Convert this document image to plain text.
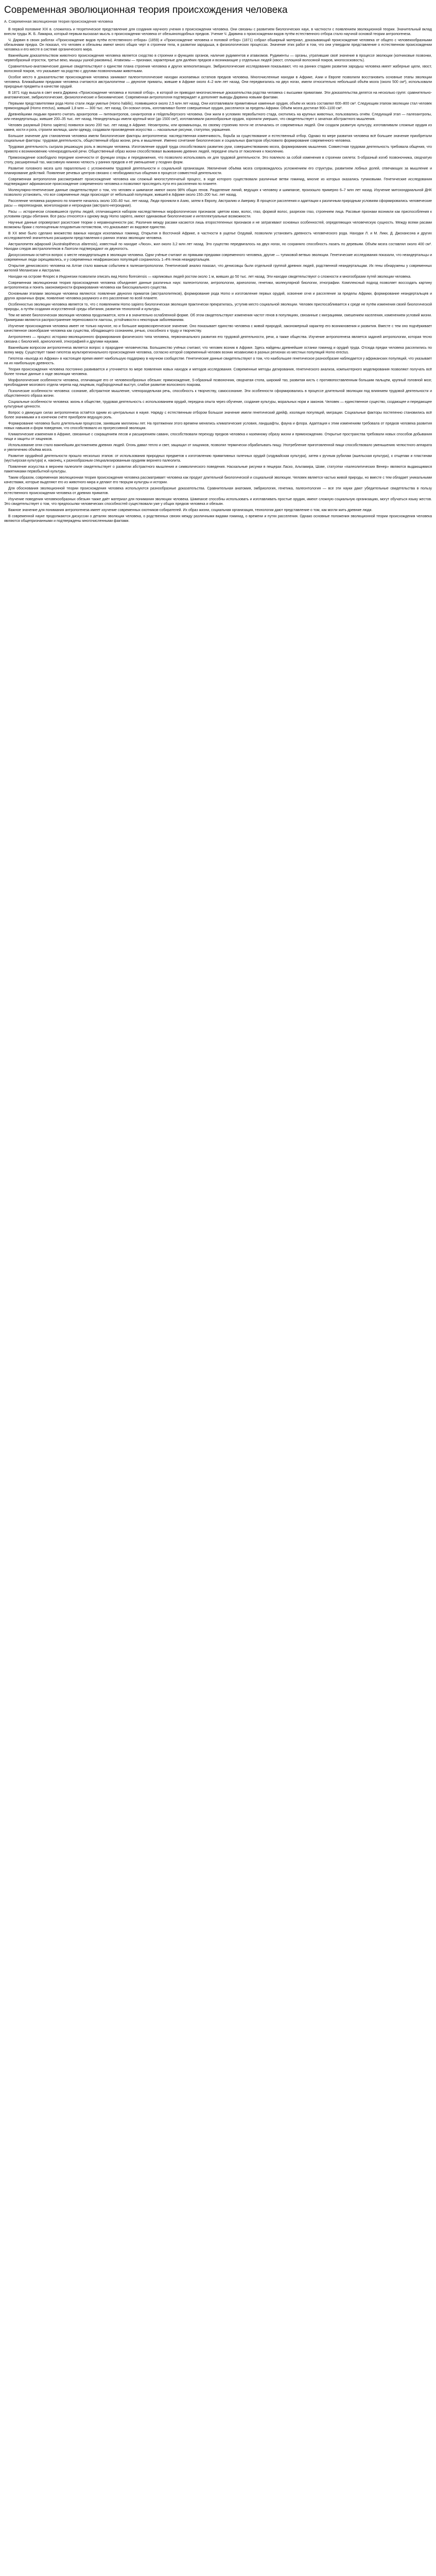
Современная эволюционная теория происхождения человека
А. Современная эволюционная теория происхождения человека

В первой половине XIX в. сложилось и теоретическое представление для создания научного учения о происхождении человека. Они связаны с развитием биологических наук, в частности с появлением эволюционной теории. Значительный вклад внесли труды Ж. Б. Ламарка, который первым высказал мысль о происхождении человека от обезьяноподобных предков. Учение Ч. Дарвина о происхождении видов путём естественного отбора стало научной основой теории антропогенеза.

Ч. Дарвин в своих работах «Происхождение видов путём естественного отбора» (1859) и «Происхождение человека и половой отбор» (1871) собрал обширный материал, доказывающий происхождение человека от общего с человекообразными обезьянами предка. Он показал, что человек и обезьяны имеют много общих черт в строении тела, в развитии зародыша, в физиологических процессах. Значение этих работ в том, что они утвердили представление о естественном происхождении человека и его месте в системе органического мира.

Важнейшим доказательством животного происхождения человека является сходство в строении и функциях органов, наличие рудиментов и атавизмов. Рудименты — органы, утратившие своё значение в процессе эволюции (копчиковые позвонки, червеобразный отросток, третье веко, мышцы ушной раковины). Атавизмы — признаки, характерные для далёких предков и возникающие у отдельных людей (хвост, сплошной волосяной покров, многососковость).

Сравнительно-анатомические данные свидетельствуют о единстве плана строения человека и других млекопитающих. Эмбриологические исследования показывают, что на ранних стадиях развития зародыш человека имеет жаберные щели, хвост, волосяной покров, что указывает на родство с другими позвоночными животными.

Особое место в доказательстве происхождения человека занимают палеонтологические находки ископаемых остатков предков человека. Многочисленные находки в Африке, Азии и Европе позволили восстановить основные этапы эволюции человека. Ближайшими предками человека считаются австралопитеки — двуногие приматы, жившие в Африке около 4–2 млн лет назад. Они передвигались на двух ногах, имели относительно небольшой объём мозга (около 500 см³), использовали природные предметы в качестве орудий.

В 1871 году вышла в свет книга Дарвина «Происхождение человека и половой отбор», в которой он приводил многочисленные доказательства родства человека с высшими приматами. Эти доказательства делятся на несколько групп: сравнительно-анатомические, эмбриологические, физиологические и биохимические. Современная антропология подтверждает и дополняет выводы Дарвина новыми фактами.

Первыми представителями рода Homo стали люди умелые (Homo habilis), появившиеся около 2,5 млн лет назад. Они изготавливали примитивные каменные орудия, объём их мозга составлял 600–800 см³. Следующим этапом эволюции стал человек прямоходящий (Homo erectus), живший 1,8 млн — 300 тыс. лет назад. Он освоил огонь, изготавливал более совершенные орудия, расселился за пределы Африки. Объём мозга достигал 900–1100 см³.

Древнейшими людьми принято считать архантропов — питекантропов, синантропов и гейдельбергского человека. Они жили в условиях первобытного стада, охотились на крупных животных, пользовались огнём. Следующий этап — палеоантропы, или неандертальцы, жившие 200–35 тыс. лет назад. Неандертальцы имели крупный мозг (до 1500 см³), изготавливали разнообразные орудия, хоронили умерших, что свидетельствует о зачатках абстрактного мышления.

Человек разумный (Homo sapiens) появился около 200 тыс. лет назад в Африке. Неоантропы, или кроманьонцы, по своему строению почти не отличались от современных людей. Они создали развитую культуру, изготавливали сложные орудия из камня, кости и рога, строили жилища, шили одежду, создавали произведения искусства — наскальные рисунки, статуэтки, украшения.

Большое значение для становления человека имели биологические факторы антропогенеза: наследственная изменчивость, борьба за существование и естественный отбор. Однако по мере развития человека всё большее значение приобретали социальные факторы: трудовая деятельность, общественный образ жизни, речь и мышление. Именно сочетание биологических и социальных факторов обусловило формирование современного человека.

Трудовая деятельность сыграла решающую роль в эволюции человека. Изготовление орудий труда способствовало развитию руки, совершенствованию мозга, формированию мышления. Совместная трудовая деятельность требовала общения, что привело к возникновению членораздельной речи. Общественный образ жизни способствовал выживанию древних людей, передаче опыта от поколения к поколению.

Прямохождение освободило передние конечности от функции опоры и передвижения, что позволило использовать их для трудовой деятельности. Это повлекло за собой изменения в строении скелета: S-образный изгиб позвоночника, сводчатую стопу, расширенный таз, массивную нижнюю челюсть у ранних предков и её уменьшение у поздних форм.

Развитие головного мозга шло параллельно с усложнением трудовой деятельности и социальной организации. Увеличение объёма мозга сопровождалось усложнением его структуры, развитием лобных долей, отвечающих за мышление и планирование действий. Появление речевых центров связано с необходимостью общения в процессе совместной деятельности.

Современная антропология рассматривает происхождение человека как сложный многоступенчатый процесс, в ходе которого существовали различные ветви гоминид, многие из которых оказались тупиковыми. Генетические исследования подтверждают африканское происхождение современного человека и позволяют проследить пути его расселения по планете.

Молекулярно-генетические данные свидетельствуют о том, что человек и шимпанзе имеют около 98% общих генов. Разделение линий, ведущих к человеку и шимпанзе, произошло примерно 6–7 млн лет назад. Изучение митохондриальной ДНК позволило установить, что все современные люди происходят от небольшой популяции, жившей в Африке около 150–200 тыс. лет назад.

Расселение человека разумного по планете началось около 100–60 тыс. лет назад. Люди проникли в Азию, затем в Европу, Австралию и Америку. В процессе расселения и адаптации к различным природным условиям сформировались человеческие расы — европеоидная, монголоидная и негроидная (австрало-негроидная).

Расы — исторически сложившиеся группы людей, отличающиеся набором наследственных морфологических признаков: цветом кожи, волос, глаз, формой волос, разрезом глаз, строением лица. Расовые признаки возникли как приспособления к условиям среды обитания. Все расы относятся к одному виду Homo sapiens, имеют одинаковые биологические и интеллектуальные возможности.

Научные данные опровергают расистские теории о неравноценности рас. Различия между расами касаются лишь второстепенных признаков и не затрагивают основных особенностей, определяющих человеческую сущность. Между всеми расами возможны браки с полноценным плодовитым потомством, что доказывает их видовое единство.

В XX веке было сделано множество важных находок ископаемых гоминид. Открытия в Восточной Африке, в частности в ущелье Олдувай, позволили установить древность человеческого рода. Находки Л. и М. Лики, Д. Джохансона и других исследователей значительно расширили представления о ранних этапах эволюции человека.

Австралопитек афарский (Australopithecus afarensis), известный по находке «Люси», жил около 3,2 млн лет назад. Это существо передвигалось на двух ногах, но сохраняло способность лазать по деревьям. Объём мозга составлял около 400 см³. Находки следов австралопитеков в Лаэтоли подтверждают их двуногость.

Дискуссионным остаётся вопрос о месте неандертальцев в эволюции человека. Одни учёные считают их прямыми предками современного человека, другие — тупиковой ветвью эволюции. Генетические исследования показали, что неандертальцы и современные люди скрещивались, и у современных неафриканских популяций сохранилось 1–4% генов неандертальцев.

Открытие денисовского человека на Алтае стало важным событием в палеоантропологии. Генетический анализ показал, что денисовцы были отдельной группой древних людей, родственной неандертальцам. Их гены обнаружены у современных жителей Меланезии и Австралии.

Находки на острове Флорес в Индонезии позволили описать вид Homo floresiensis — карликовых людей ростом около 1 м, живших до 50 тыс. лет назад. Эти находки свидетельствуют о сложности и многообразии путей эволюции человека.

Современная эволюционная теория происхождения человека объединяет данные различных наук: палеонтологии, антропологии, археологии, генетики, молекулярной биологии, этнографии. Комплексный подход позволяет воссоздать картину антропогенеза и понять закономерности формирования человека как биосоциального существа.

Основными этапами эволюции человека являются: появление двуногих приматов (австралопитеков), формирование рода Homo и изготовление первых орудий, освоение огня и расселение за пределы Африки, формирование неандертальцев и других архаичных форм, появление человека разумного и его расселение по всей планете.

Особенностью эволюции человека является то, что с появлением Homo sapiens биологическая эволюция практически прекратилась, уступив место социальной эволюции. Человек приспосабливается к среде не путём изменения своей биологической природы, а путём создания искусственной среды обитания, развития технологий и культуры.

Тем не менее биологическая эволюция человека продолжается, хотя и в значительно ослабленной форме. Об этом свидетельствуют изменения частот генов в популяциях, связанные с миграциями, смешением населения, изменением условий жизни. Примерами являются распространение переносимости лактозы, устойчивости к некоторым заболеваниям.

Изучение происхождения человека имеет не только научное, но и большое мировоззренческое значение. Оно показывает единство человека с живой природой, закономерный характер его возникновения и развития. Вместе с тем оно подчёркивает качественное своеобразие человека как существа, обладающего сознанием, речью, способного к труду и творчеству.

Антропогенез — процесс историко-эволюционного формирования физического типа человека, первоначального развития его трудовой деятельности, речи, а также общества. Изучение антропогенеза является задачей антропологии, которая тесно связана с биологией, археологией, этнографией и другими науками.

Важнейшим вопросом антропогенеза является вопрос о прародине человечества. Большинство учёных считают, что человек возник в Африке. Здесь найдены древнейшие останки гоминид и орудий труда. Отсюда предки человека расселились по всему миру. Существует также гипотеза мультирегионального происхождения человека, согласно которой современный человек возник независимо в разных регионах из местных популяций Homo erectus.

Гипотеза «выхода из Африки» в настоящее время имеет наибольшую поддержку в научном сообществе. Генетические данные свидетельствуют о том, что наибольшее генетическое разнообразие наблюдается у африканских популяций, что указывает на их наибольшую древность.

Теория происхождения человека постоянно развивается и уточняется по мере появления новых находок и методов исследования. Современные методы датирования, генетического анализа, компьютерного моделирования позволяют получать всё более точные данные о ходе эволюции человека.

Морфологические особенности человека, отличающие его от человекообразных обезьян: прямохождение, S-образный позвоночник, сводчатая стопа, широкий таз, развитая кисть с противопоставленным большим пальцем, крупный головной мозг, преобладание мозгового отдела черепа над лицевым, подбородочный выступ, слабое развитие волосяного покрова.

Психические особенности человека: сознание, абстрактное мышление, членораздельная речь, способность к творчеству, самосознание. Эти особенности сформировались в процессе длительной эволюции под влиянием трудовой деятельности и общественного образа жизни.

Социальные особенности человека: жизнь в обществе, трудовая деятельность с использованием орудий, передача опыта через обучение, создание культуры, моральных норм и законов. Человек — единственное существо, создающее и передающее культурные ценности.

Вопрос о движущих силах антропогенеза остаётся одним из центральных в науке. Наряду с естественным отбором большое значение имели генетический дрейф, изоляция популяций, миграции. Социальные факторы постепенно становились всё более значимыми и в конечном счёте приобрели ведущую роль.

Формирование человека было длительным процессом, занявшим миллионы лет. На протяжении этого времени менялись климатические условия, ландшафты, фауна и флора. Адаптация к этим изменениям требовала от предков человека развития новых навыков и форм поведения, что способствовало их прогрессивной эволюции.

Климатические изменения в Африке, связанные с сокращением лесов и расширением саванн, способствовали переходу предков человека к наземному образу жизни и прямохождению. Открытые пространства требовали новых способов добывания пищи и защиты от хищников.

Использование огня стало важнейшим достижением древних людей. Огонь давал тепло и свет, защищал от хищников, позволял термически обрабатывать пищу. Употребление приготовленной пищи способствовало уменьшению челюстного аппарата и увеличению объёма мозга.

Развитие орудийной деятельности прошло несколько этапов: от использования природных предметов к изготовлению примитивных галечных орудий (олдувайская культура), затем к ручным рубилам (ашельская культура), к отщепам и пластинам (мустьерская культура) и, наконец, к разнообразным специализированным орудиям верхнего палеолита.

Появление искусства в верхнем палеолите свидетельствует о развитии абстрактного мышления и символического поведения. Наскальные рисунки в пещерах Ласко, Альтамира, Шове, статуэтки «палеолитических Венер» являются выдающимися памятниками первобытной культуры.

Таким образом, современная эволюционная теория происхождения человека рассматривает человека как продукт длительной биологической и социальной эволюции. Человек является частью живой природы, но вместе с тем обладает уникальными качествами, которые выделяют его из животного мира и делают его творцом культуры и истории.

Для обоснования эволюционной теории происхождения человека используются разнообразные доказательства. Сравнительная анатомия, эмбриология, генетика, палеонтология — все эти науки дают убедительные свидетельства в пользу естественного происхождения человека от древних приматов.

Изучение поведения человекообразных обезьян также даёт материал для понимания эволюции человека. Шимпанзе способны использовать и изготавливать простые орудия, имеют сложную социальную организацию, могут обучаться языку жестов. Это свидетельствует о том, что предпосылки человеческих способностей существовали уже у общих предков человека и обезьян.

Важное значение для понимания антропогенеза имеет изучение современных охотников-собирателей. Их образ жизни, социальная организация, технологии дают представление о том, как могли жить древние люди.

В современной науке продолжаются дискуссии о деталях эволюции человека, о родственных связях между различными видами гоминид, о времени и путях расселения. Однако основные положения эволюционной теории происхождения человека являются общепризнанными и подтверждены многочисленными фактами.
